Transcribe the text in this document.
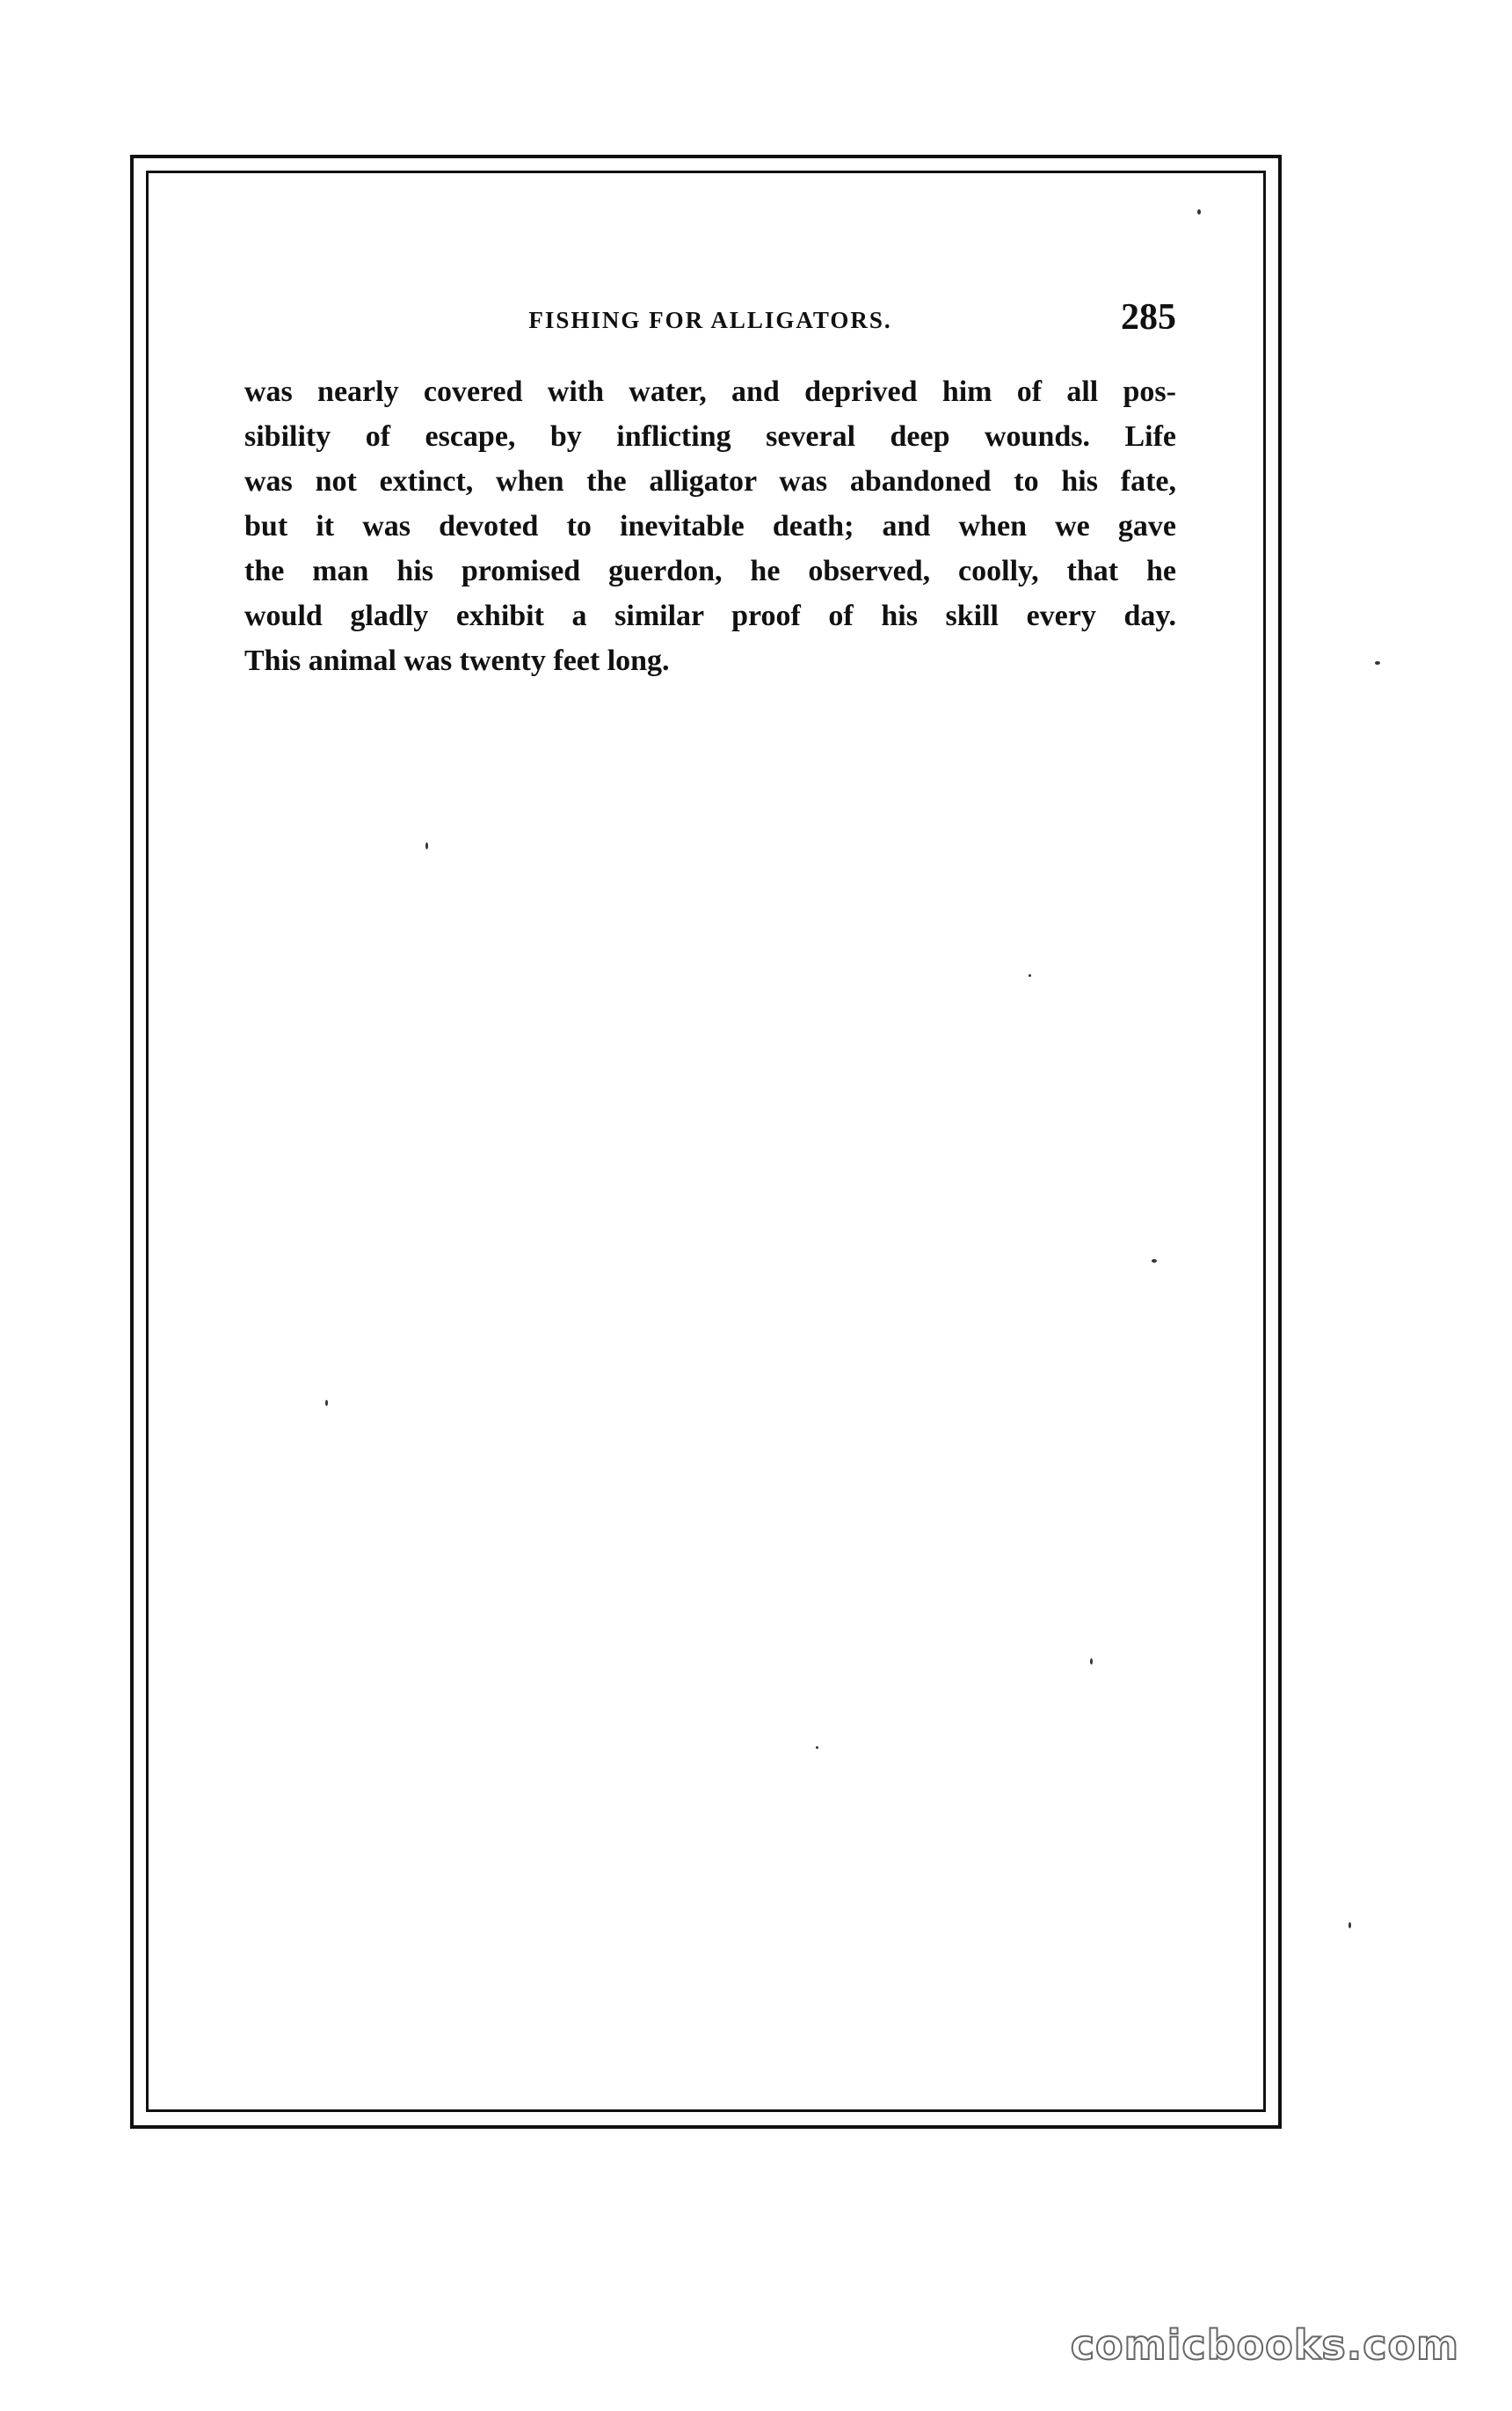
FISHING FOR ALLIGATORS.	285

was nearly covered with water, and deprived him of all pos-
sibility of escape, by inflicting several deep wounds. Life
was not extinct, when the alligator was abandoned to his fate,
but it was devoted to inevitable death; and when we gave
the man his promised guerdon, he observed, coolly, that he
would gladly exhibit a similar proof of his skill every day.
This animal was twenty feet long.

comicbooks.com
